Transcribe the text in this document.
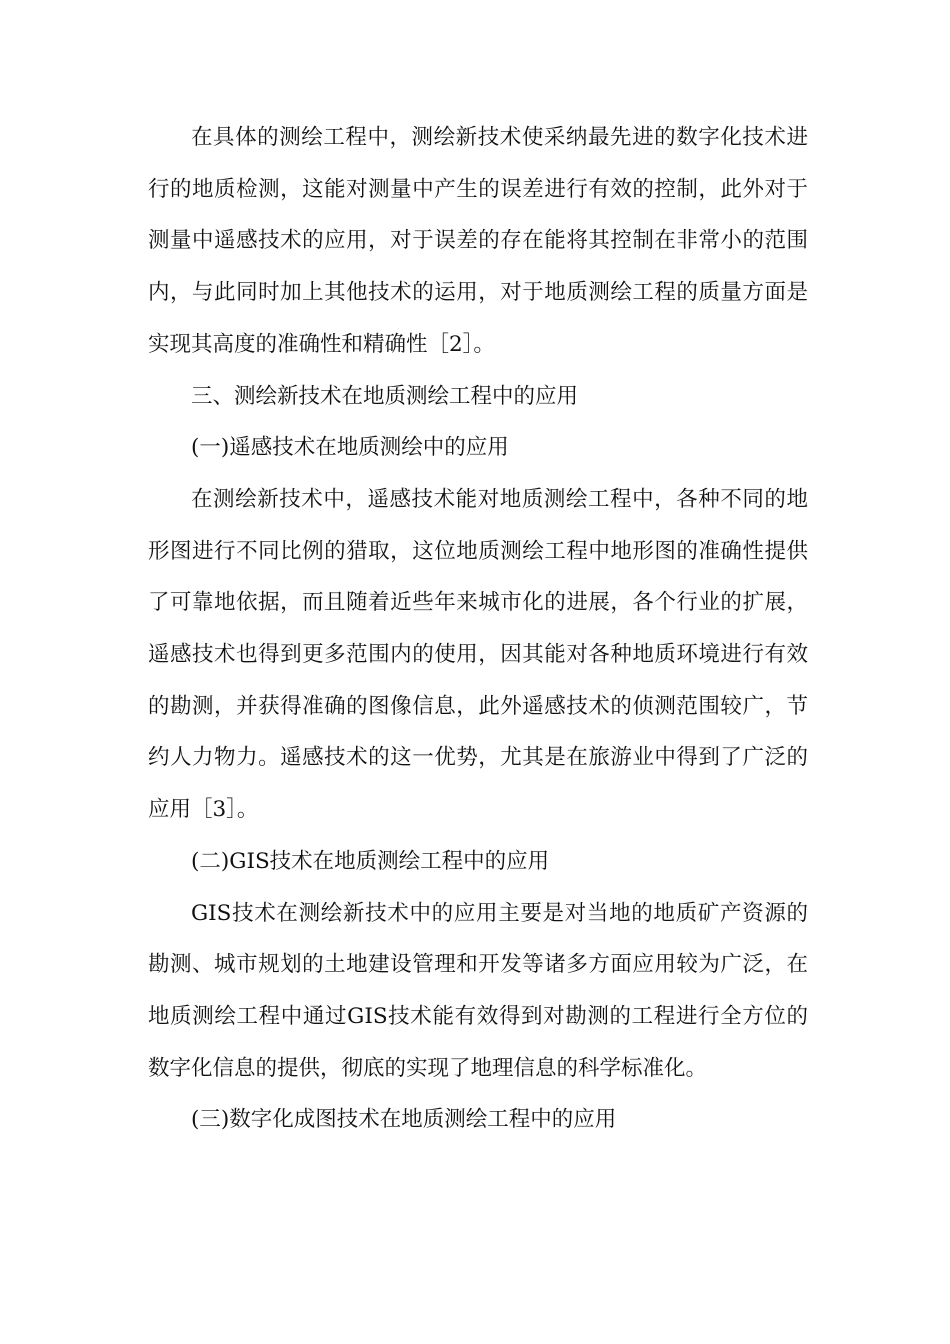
在具体的测绘工程中，测绘新技术使采纳最先进的数字化技术进行的地质检测，这能对测量中产生的误差进行有效的控制，此外对于测量中遥感技术的应用，对于误差的存在能将其控制在非常小的范围内，与此同时加上其他技术的运用，对于地质测绘工程的质量方面是实现其高度的准确性和精确性［2］。

三、测绘新技术在地质测绘工程中的应用

(一)遥感技术在地质测绘中的应用

在测绘新技术中，遥感技术能对地质测绘工程中，各种不同的地形图进行不同比例的猎取，这位地质测绘工程中地形图的准确性提供了可靠地依据，而且随着近些年来城市化的进展，各个行业的扩展，遥感技术也得到更多范围内的使用，因其能对各种地质环境进行有效的勘测，并获得准确的图像信息，此外遥感技术的侦测范围较广，节约人力物力。遥感技术的这一优势，尤其是在旅游业中得到了广泛的应用［3］。

(二)GIS技术在地质测绘工程中的应用

GIS技术在测绘新技术中的应用主要是对当地的地质矿产资源的勘测、城市规划的土地建设管理和开发等诸多方面应用较为广泛，在地质测绘工程中通过GIS技术能有效得到对勘测的工程进行全方位的数字化信息的提供，彻底的实现了地理信息的科学标准化。

(三)数字化成图技术在地质测绘工程中的应用
